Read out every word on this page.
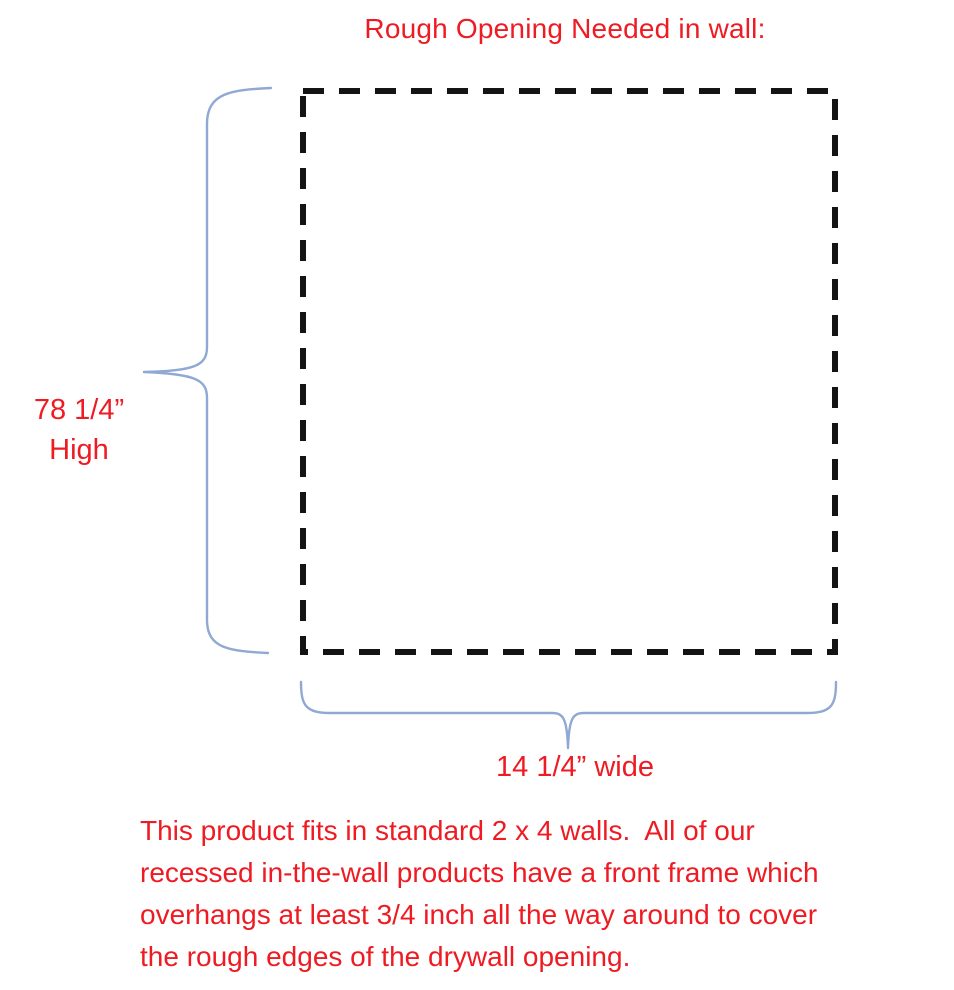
Rough Opening Needed in wall:
78 1/4”
High
14 1/4” wide
This product fits in standard 2 x 4 walls.  All of our
recessed in-the-wall products have a front frame which
overhangs at least 3/4 inch all the way around to cover
the rough edges of the drywall opening.
